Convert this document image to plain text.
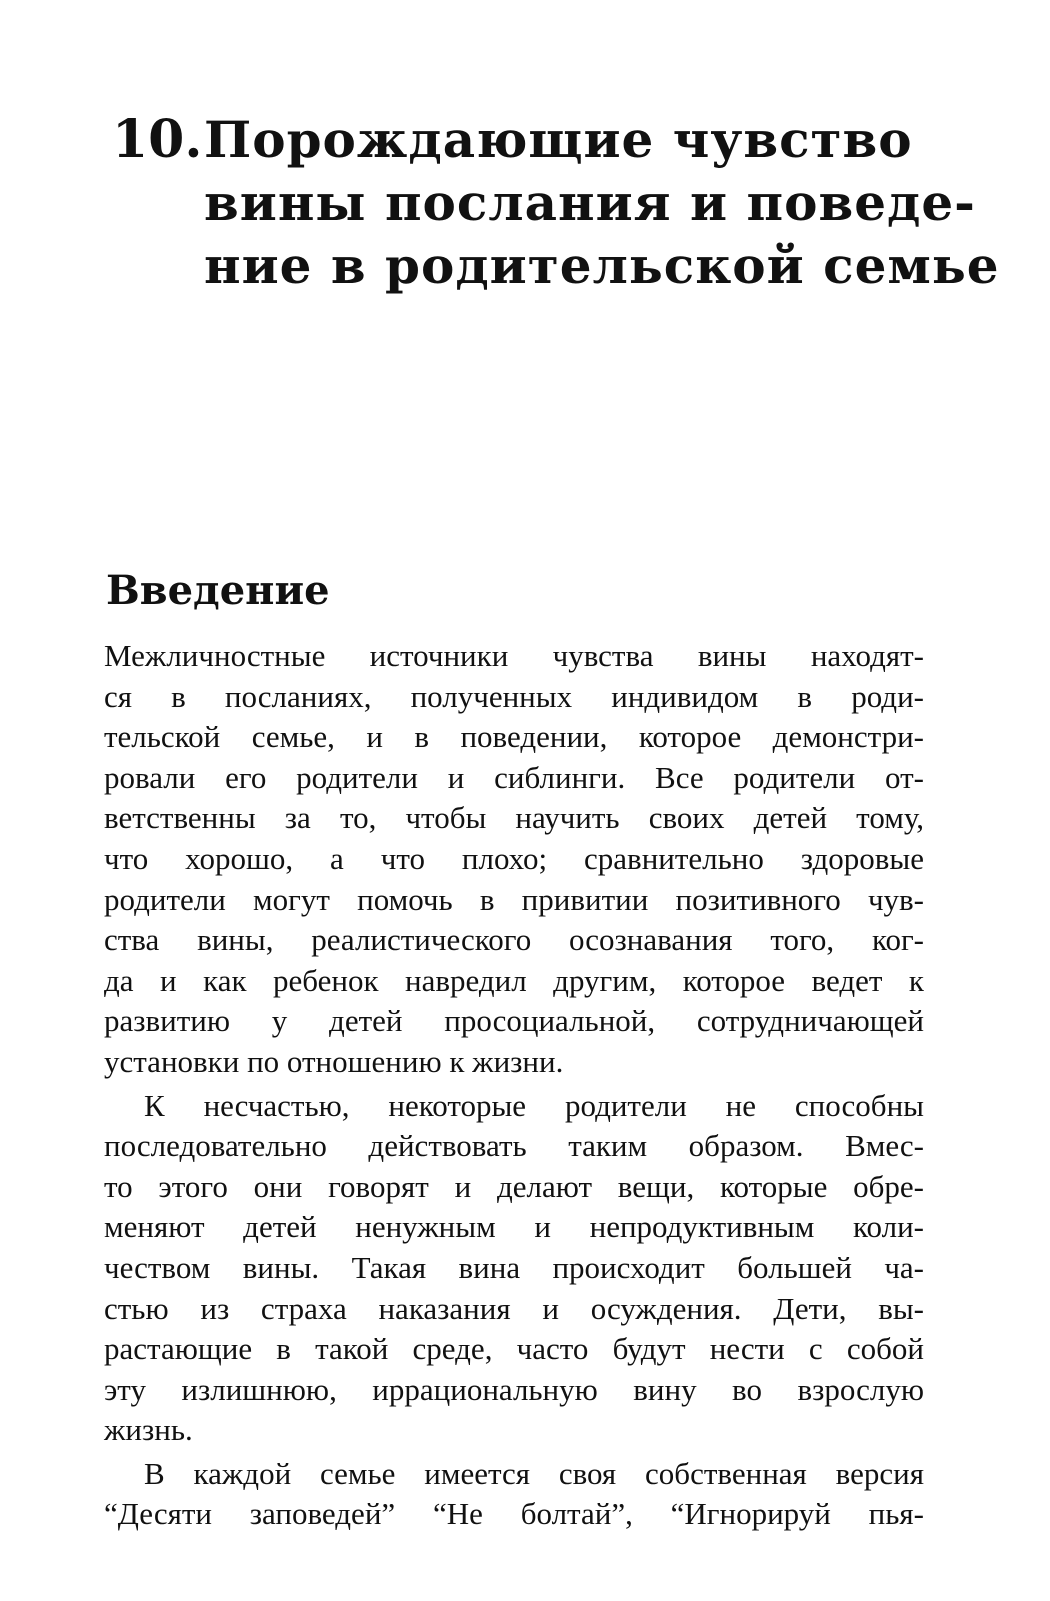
10. Порождающие чувство
вины послания и поведе-
ние в родительской семье
Введение

Межличностные источники чувства вины находят-
ся в посланиях, полученных индивидом в роди-
тельской семье, и в поведении, которое демонстри-
ровали его родители и сиблинги. Все родители от-
ветственны за то, чтобы научить своих детей тому,
что хорошо, а что плохо; сравнительно здоровые
родители могут помочь в привитии позитивного чув-
ства вины, реалистического осознавания того, ког-
да и как ребенок навредил другим, которое ведет к
развитию у детей просоциальной, сотрудничающей
установки по отношению к жизни.

К несчастью, некоторые родители не способны
последовательно действовать таким образом. Вмес-
то этого они говорят и делают вещи, которые обре-
меняют детей ненужным и непродуктивным коли-
чеством вины. Такая вина происходит большей ча-
стью из страха наказания и осуждения. Дети, вы-
растающие в такой среде, часто будут нести с собой
эту излишнюю, иррациональную вину во взрослую
жизнь.

В каждой семье имеется своя собственная версия
“Десяти заповедей” “Не болтай”, “Игнорируй пья-
